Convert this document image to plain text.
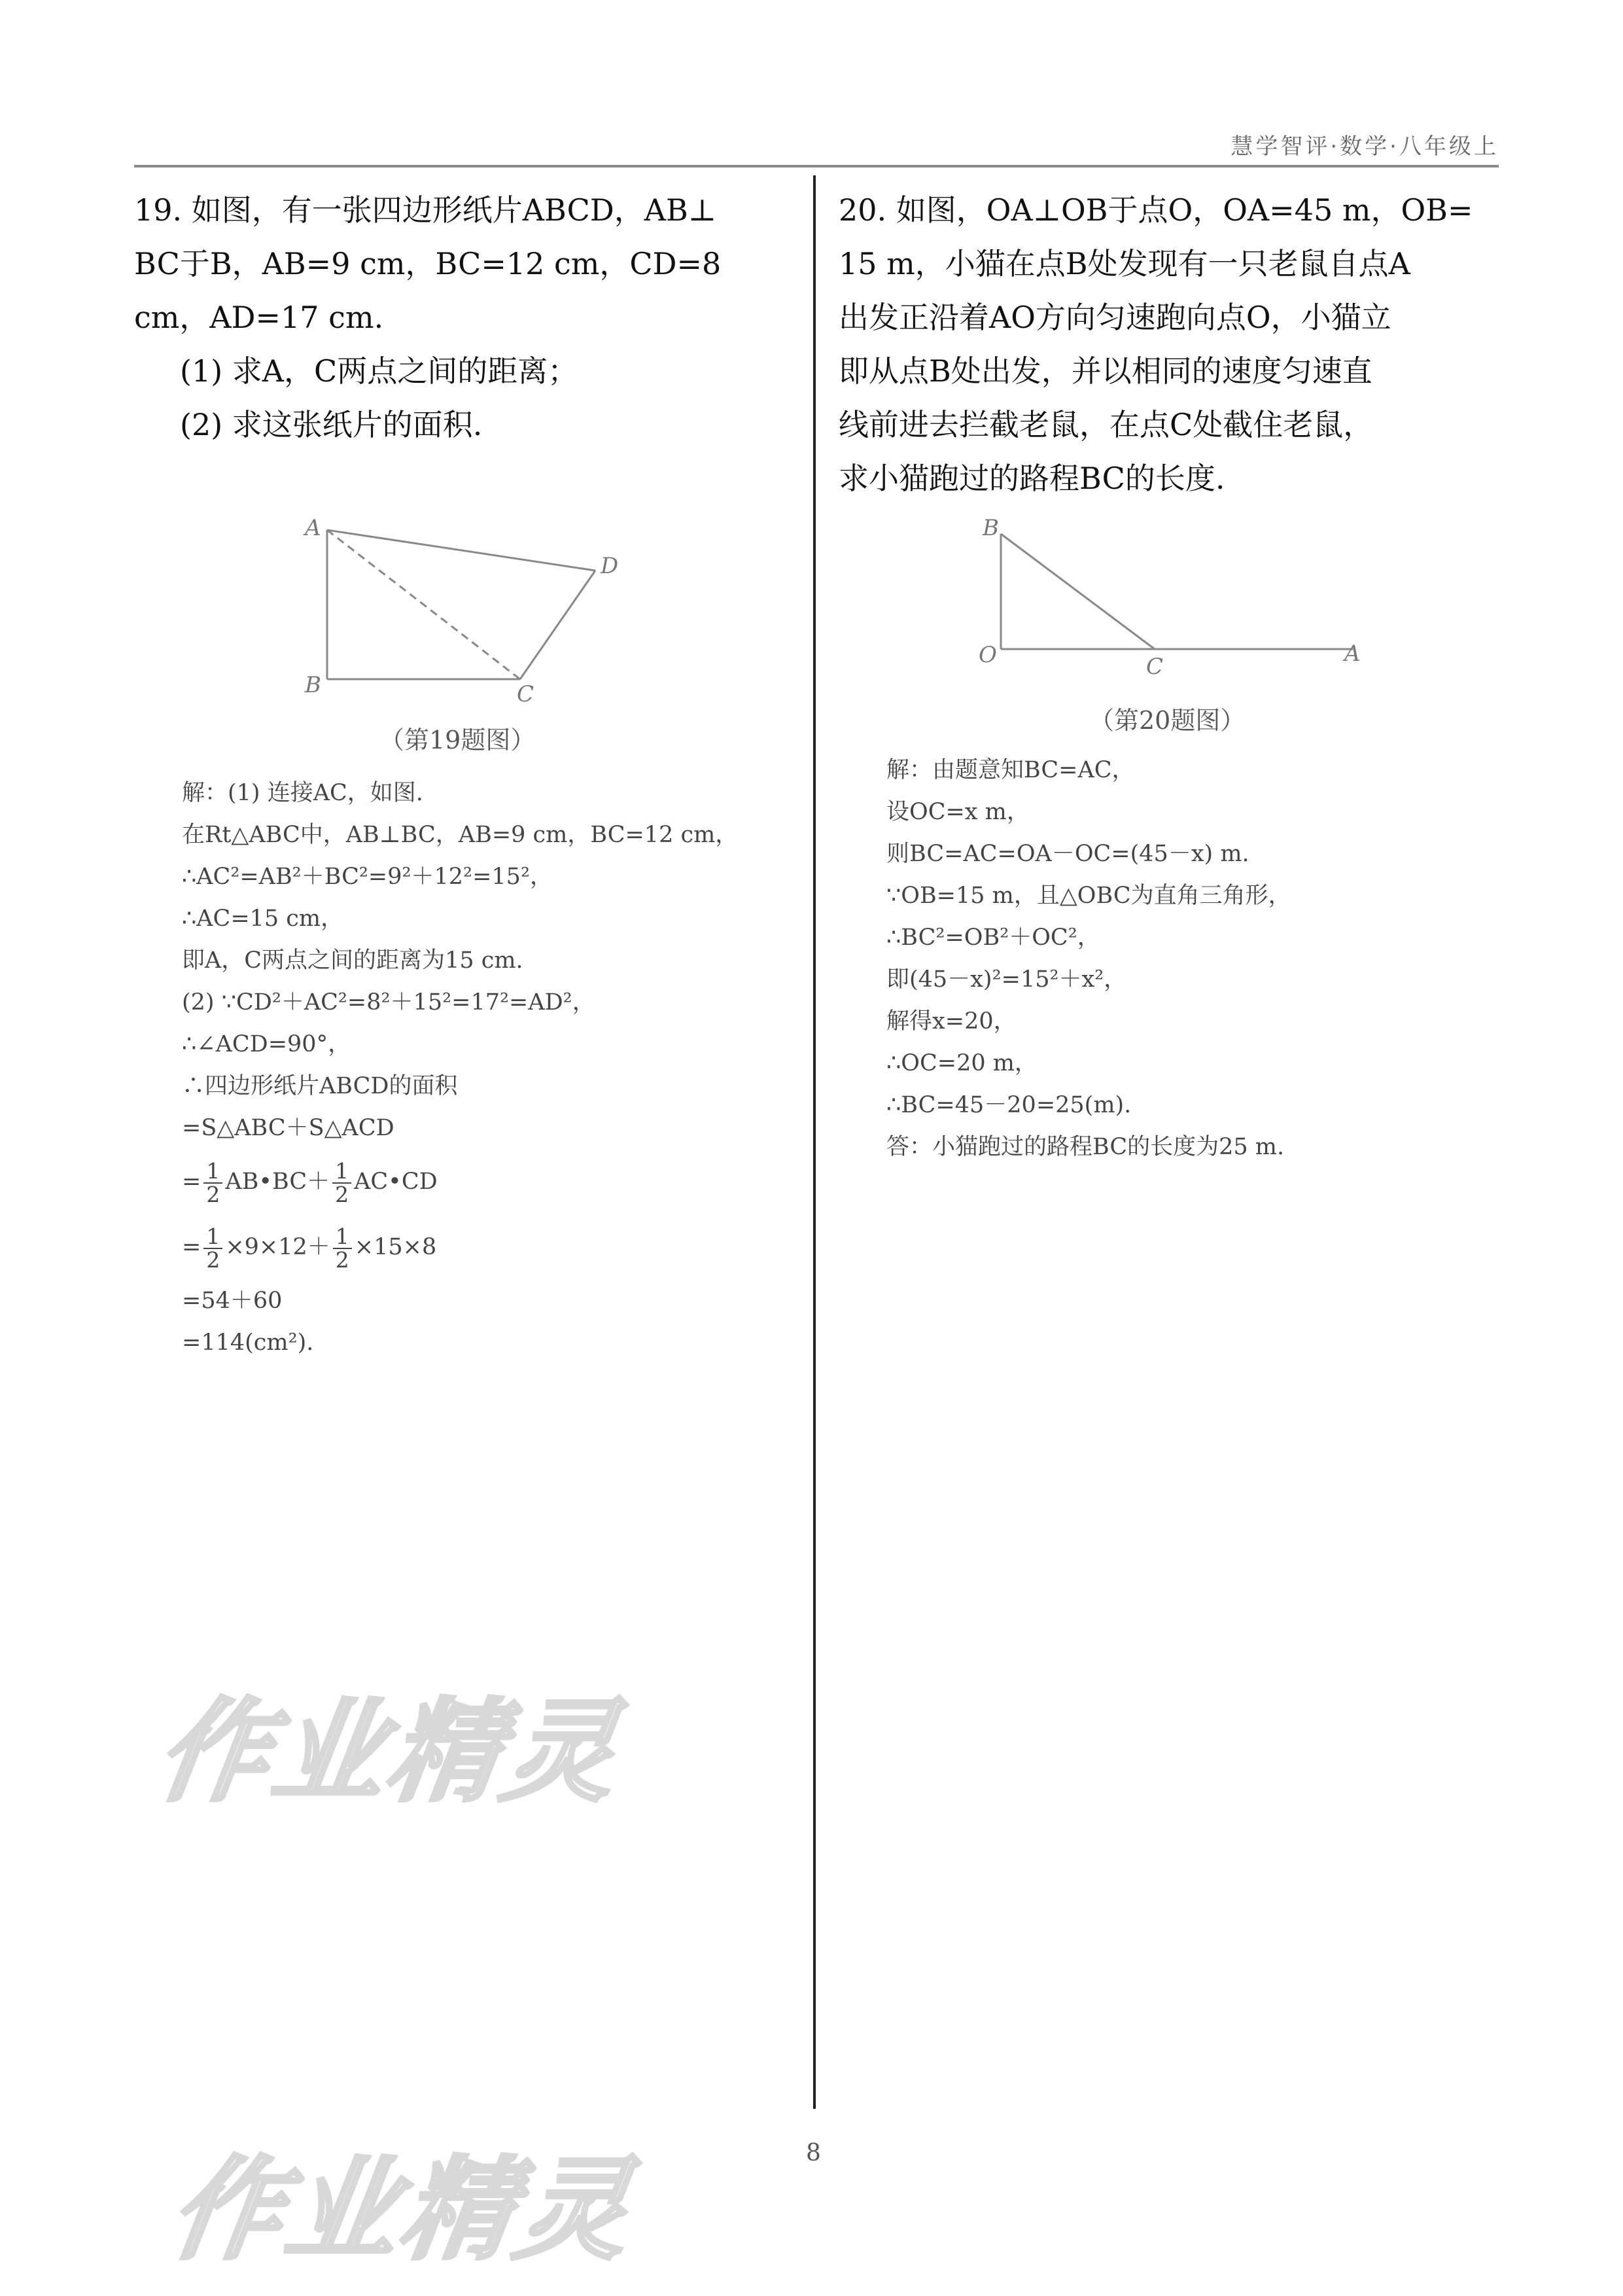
慧学智评·数学·八年级上

19. 如图，有一张四边形纸片ABCD，AB⊥

BC于B，AB=9 cm，BC=12 cm，CD=8

cm，AD=17 cm.

(1) 求A，C两点之间的距离；

(2) 求这张纸片的面积.

A
B	C
D
（第19题图）

解：(1) 连接AC，如图.

在Rt△ABC中，AB⊥BC，AB=9 cm，BC=12 cm，

∴AC²=AB²＋BC²=9²＋12²=15²，

∴AC=15 cm，

即A，C两点之间的距离为15 cm.

(2) ∵CD²＋AC²=8²＋15²=17²=AD²，

∴∠ACD=90°，

∴四边形纸片ABCD的面积

=S△ABC＋S△ACD

= $\frac{1}{2}$ AB•BC＋ $\frac{1}{2}$ AC•CD

= $\frac{1}{2} \times 9\times 12+ \frac{1}{2} \times 15\times 8$

=54＋60

=114(cm²).

20. 如图，OA⊥OB于点O，OA=45 m，OB=

15 m，小猫在点B处发现有一只老鼠自点A

出发正沿着AO方向匀速跑向点O，小猫立

即从点B处出发，并以相同的速度匀速直

线前进去拦截老鼠，在点C处截住老鼠，

求小猫跑过的路程BC的长度.

B
O	C	A
（第20题图）

解：由题意知BC=AC，

设OC=x m，

则BC=AC=OA－OC=(45－x) m.

∵OB=15 m，且△OBC为直角三角形，

∴BC²=OB²＋OC²，

即(45－x)²=15²＋x²，

解得x=20，

∴OC=20 m，

∴BC=45－20=25(m).

答：小猫跑过的路程BC的长度为25 m.

作业精灵
8
作业精灵
